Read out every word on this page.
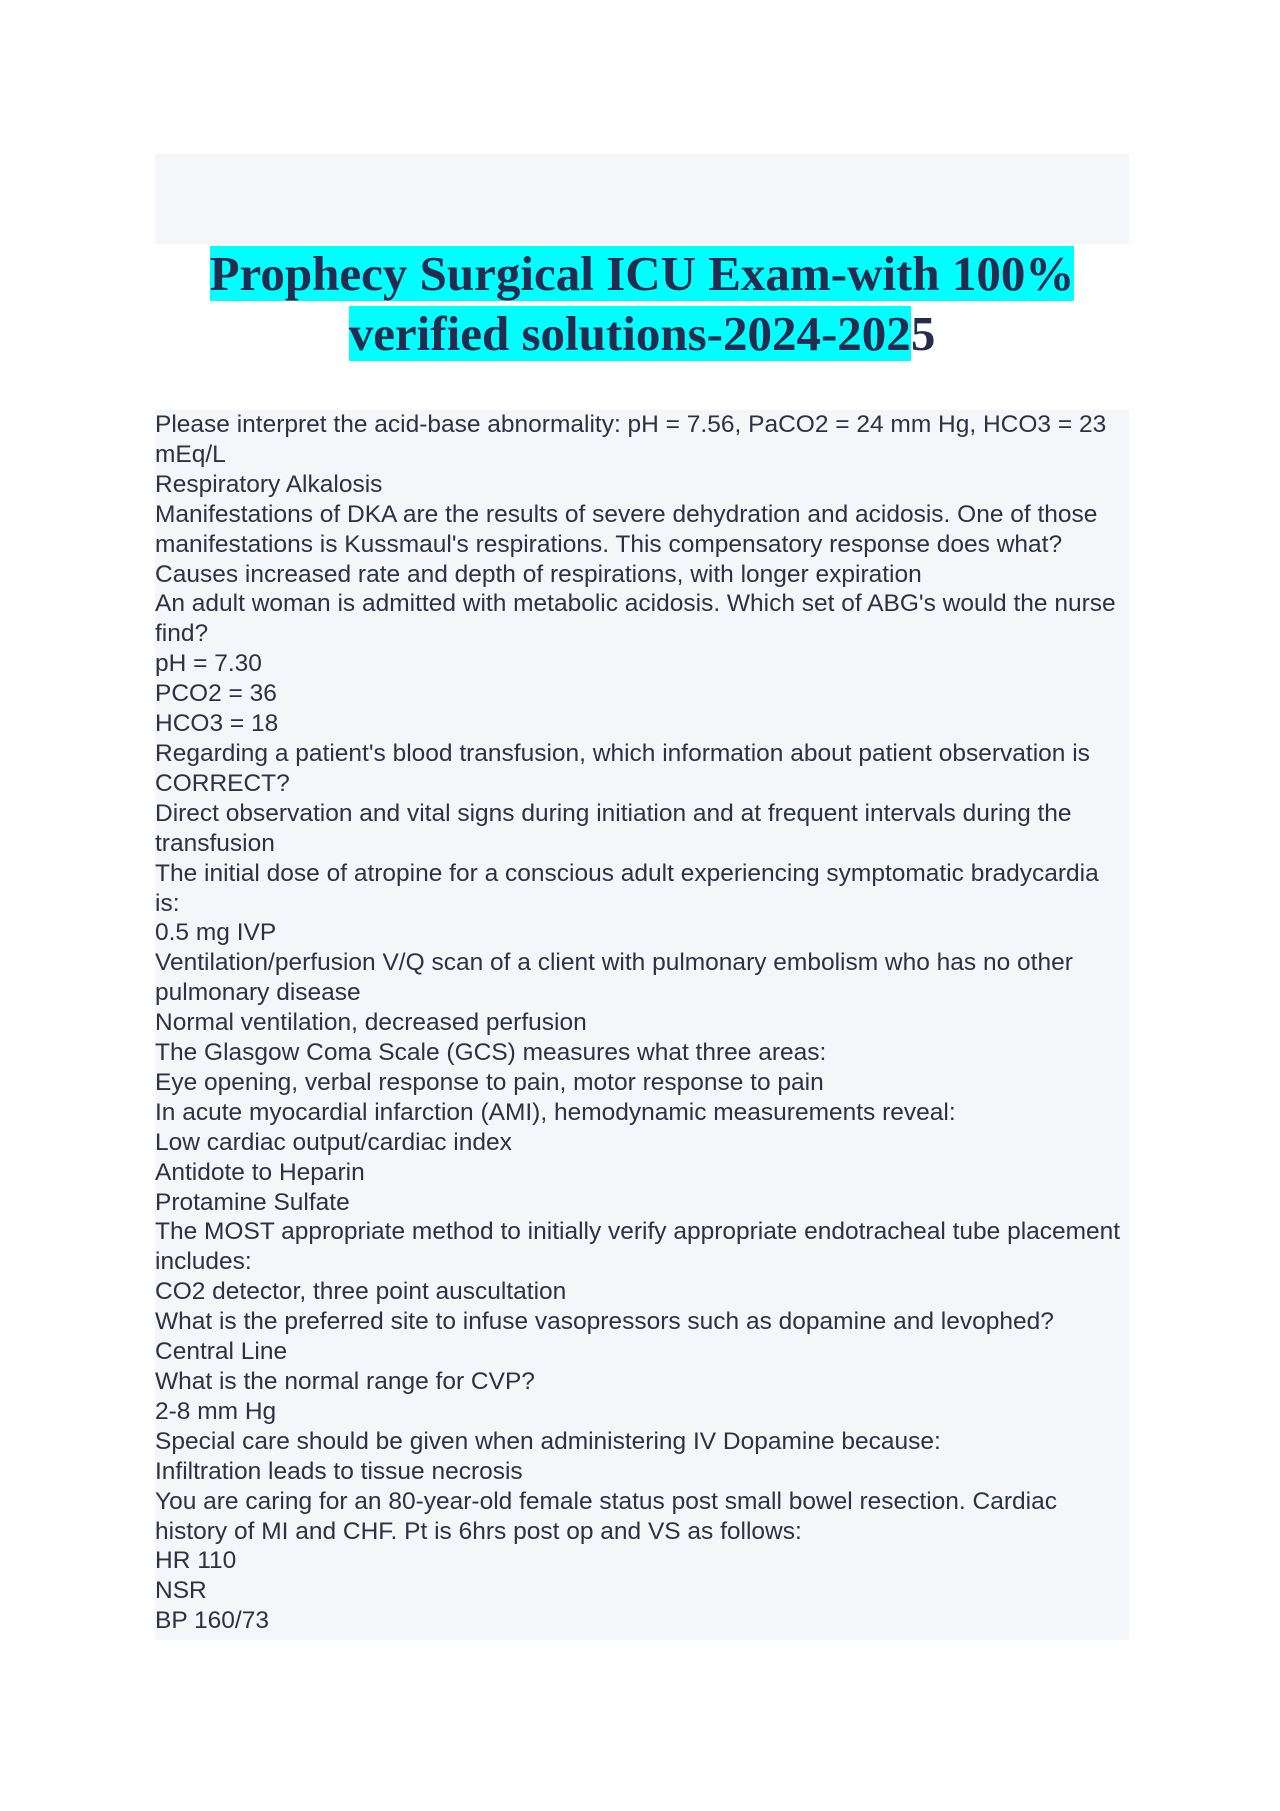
Prophecy Surgical ICU Exam-with 100%
verified solutions-2024-2025
Please interpret the acid-base abnormality: pH = 7.56, PaCO2 = 24 mm Hg, HCO3 = 23 mEq/L
Respiratory Alkalosis
Manifestations of DKA are the results of severe dehydration and acidosis. One of those manifestations is Kussmaul's respirations. This compensatory response does what?
Causes increased rate and depth of respirations, with longer expiration
An adult woman is admitted with metabolic acidosis. Which set of ABG's would the nurse find?
pH = 7.30
PCO2 = 36
HCO3 = 18
Regarding a patient's blood transfusion, which information about patient observation is CORRECT?
Direct observation and vital signs during initiation and at frequent intervals during the transfusion
The initial dose of atropine for a conscious adult experiencing symptomatic bradycardia is:
0.5 mg IVP
Ventilation/perfusion V/Q scan of a client with pulmonary embolism who has no other pulmonary disease
Normal ventilation, decreased perfusion
The Glasgow Coma Scale (GCS) measures what three areas:
Eye opening, verbal response to pain, motor response to pain
In acute myocardial infarction (AMI), hemodynamic measurements reveal:
Low cardiac output/cardiac index
Antidote to Heparin
Protamine Sulfate
The MOST appropriate method to initially verify appropriate endotracheal tube placement includes:
CO2 detector, three point auscultation
What is the preferred site to infuse vasopressors such as dopamine and levophed?
Central Line
What is the normal range for CVP?
2-8 mm Hg
Special care should be given when administering IV Dopamine because:
Infiltration leads to tissue necrosis
You are caring for an 80-year-old female status post small bowel resection. Cardiac history of MI and CHF. Pt is 6hrs post op and VS as follows:
HR 110
NSR
BP 160/73
